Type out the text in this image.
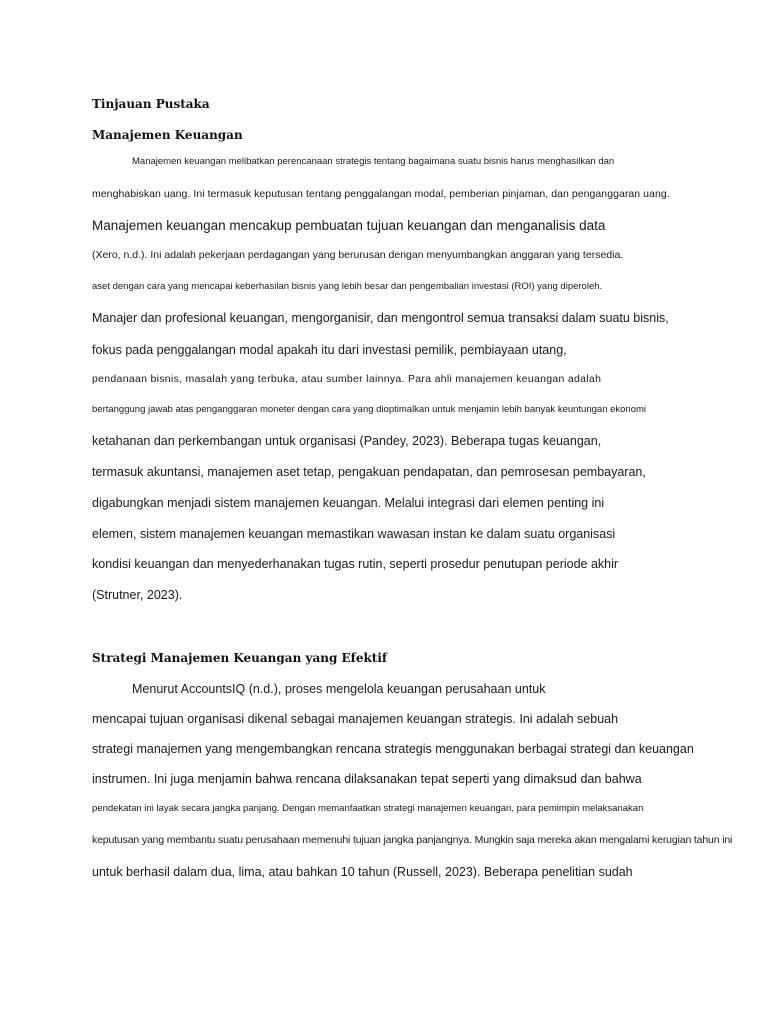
Tinjauan Pustaka
Manajemen Keuangan

Manajemen keuangan melibatkan perencanaan strategis tentang bagaimana suatu bisnis harus menghasilkan dan

menghabiskan uang. Ini termasuk keputusan tentang penggalangan modal, pemberian pinjaman, dan penganggaran uang.

Manajemen keuangan mencakup pembuatan tujuan keuangan dan menganalisis data

(Xero, n.d.). Ini adalah pekerjaan perdagangan yang berurusan dengan menyumbangkan anggaran yang tersedia.

aset dengan cara yang mencapai keberhasilan bisnis yang lebih besar dan pengembalian investasi (ROI) yang diperoleh.

Manajer dan profesional keuangan, mengorganisir, dan mengontrol semua transaksi dalam suatu bisnis,

fokus pada penggalangan modal apakah itu dari investasi pemilik, pembiayaan utang,

pendanaan bisnis, masalah yang terbuka, atau sumber lainnya. Para ahli manajemen keuangan adalah

bertanggung jawab atas penganggaran moneter dengan cara yang dioptimalkan untuk menjamin lebih banyak keuntungan ekonomi

ketahanan dan perkembangan untuk organisasi (Pandey, 2023). Beberapa tugas keuangan,

termasuk akuntansi, manajemen aset tetap, pengakuan pendapatan, dan pemrosesan pembayaran,

digabungkan menjadi sistem manajemen keuangan. Melalui integrasi dari elemen penting ini

elemen, sistem manajemen keuangan memastikan wawasan instan ke dalam suatu organisasi

kondisi keuangan dan menyederhanakan tugas rutin, seperti prosedur penutupan periode akhir

(Strutner, 2023).

Strategi Manajemen Keuangan yang Efektif

Menurut AccountsIQ (n.d.), proses mengelola keuangan perusahaan untuk

mencapai tujuan organisasi dikenal sebagai manajemen keuangan strategis. Ini adalah sebuah

strategi manajemen yang mengembangkan rencana strategis menggunakan berbagai strategi dan keuangan

instrumen. Ini juga menjamin bahwa rencana dilaksanakan tepat seperti yang dimaksud dan bahwa

pendekatan ini layak secara jangka panjang. Dengan memanfaatkan strategi manajemen keuangan, para pemimpin melaksanakan

keputusan yang membantu suatu perusahaan memenuhi tujuan jangka panjangnya. Mungkin saja mereka akan mengalami kerugian tahun ini

untuk berhasil dalam dua, lima, atau bahkan 10 tahun (Russell, 2023). Beberapa penelitian sudah
